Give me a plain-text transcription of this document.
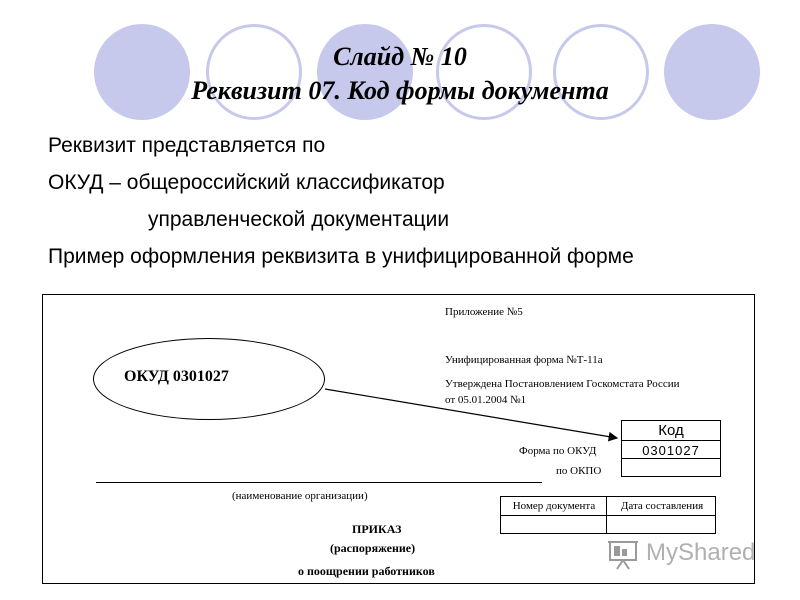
Слайд № 10
Реквизит 07. Код формы документа
Реквизит представляется по
ОКУД – общероссийский классификатор
управленческой документации
Пример оформления реквизита в унифицированной форме
Приложение №5
Унифицированная форма №Т-11а
Утверждена Постановлением Госкомстата России
от 05.01.2004 №1
ОКУД 0301027
Код
0301027
Форма по ОКУД
по ОКПО
(наименование организации)
Номер документа	Дата составления
ПРИКАЗ
(распоряжение)
о поощрении работников
MyShared
